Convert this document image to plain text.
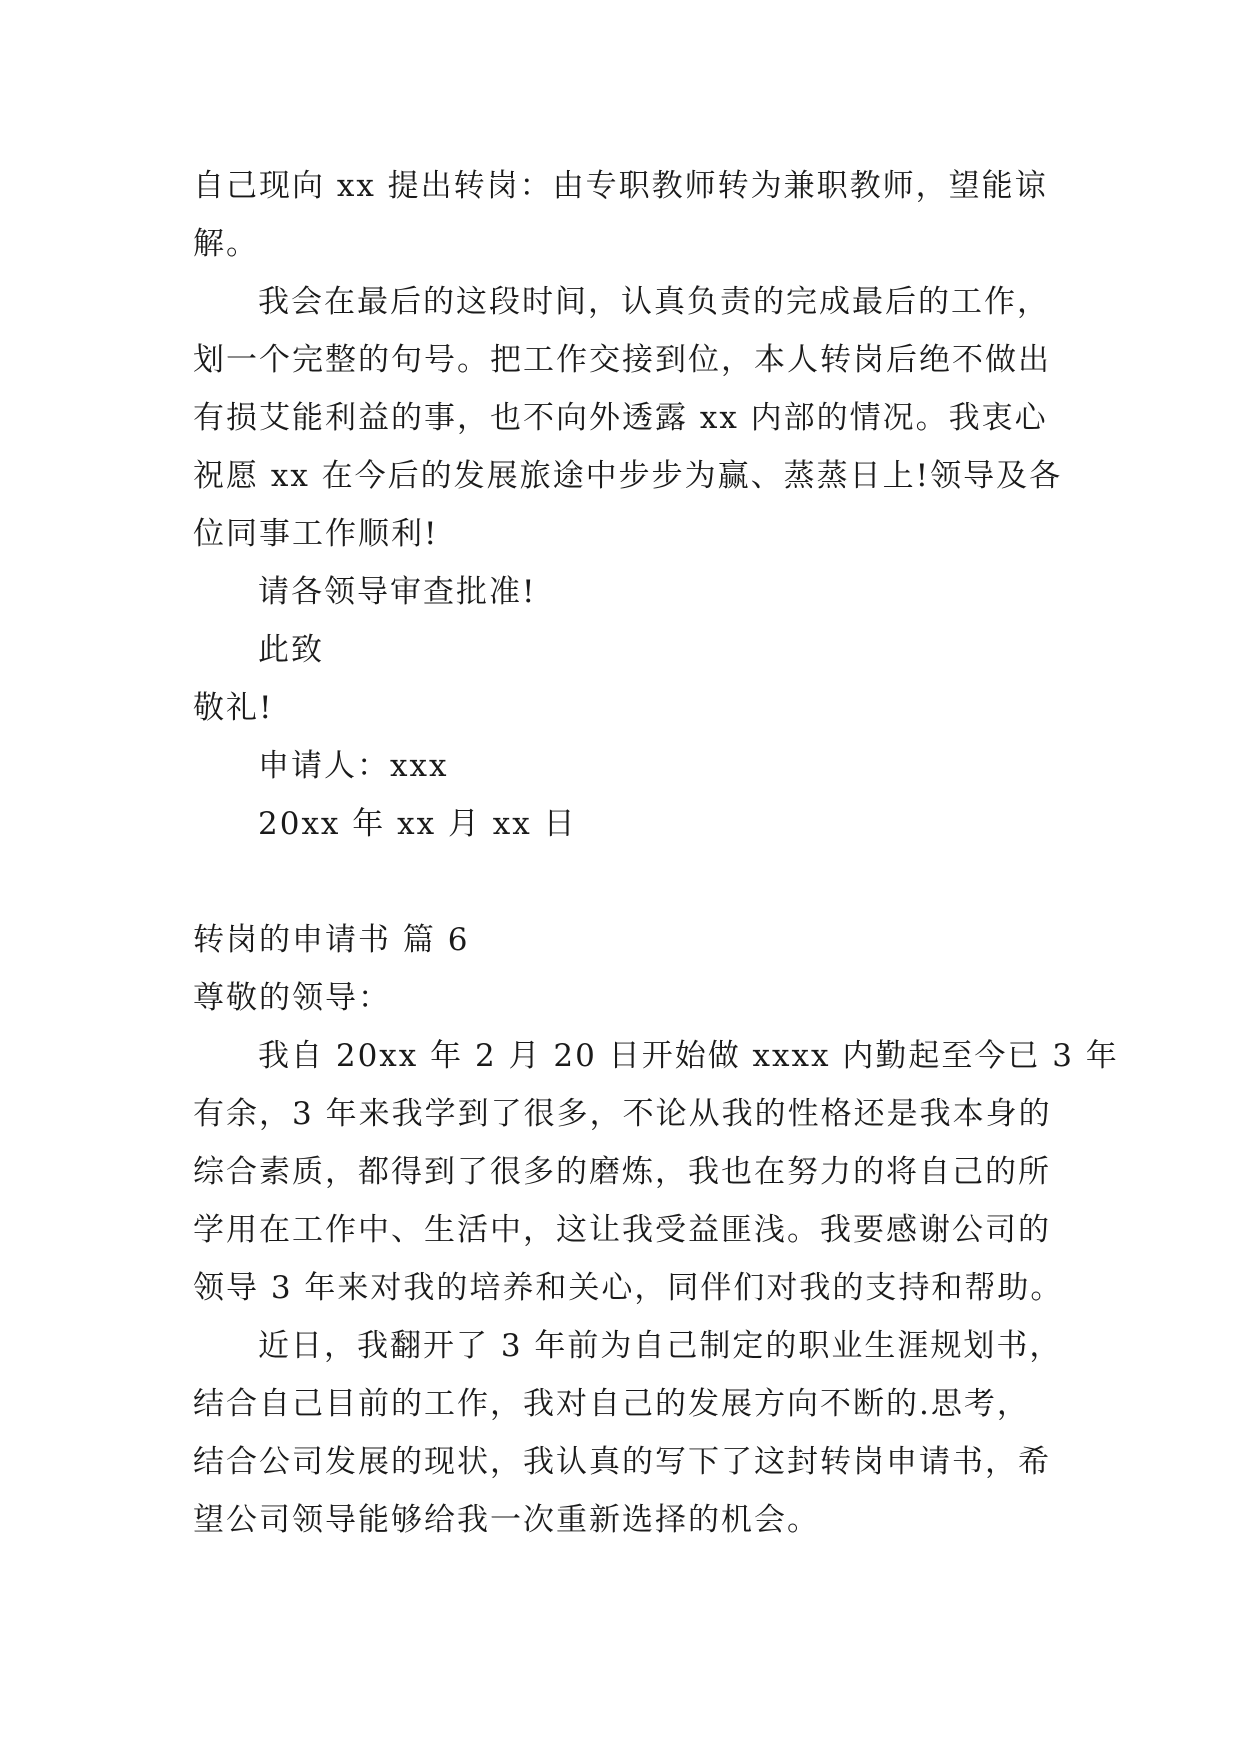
自己现向 xx 提出转岗：由专职教师转为兼职教师，望能谅
解。
我会在最后的这段时间，认真负责的完成最后的工作，
划一个完整的句号。把工作交接到位，本人转岗后绝不做出
有损艾能利益的事，也不向外透露 xx 内部的情况。我衷心
祝愿 xx 在今后的发展旅途中步步为赢、蒸蒸日上!领导及各
位同事工作顺利!
请各领导审查批准!
此致
敬礼!
申请人：xxx
20xx 年 xx 月 xx 日
转岗的申请书 篇 6
尊敬的领导：
我自 20xx 年 2 月 20 日开始做 xxxx 内勤起至今已 3 年
有余，3 年来我学到了很多，不论从我的性格还是我本身的
综合素质，都得到了很多的磨炼，我也在努力的将自己的所
学用在工作中、生活中，这让我受益匪浅。我要感谢公司的
领导 3 年来对我的培养和关心，同伴们对我的支持和帮助。
近日，我翻开了 3 年前为自己制定的职业生涯规划书，
结合自己目前的工作，我对自己的发展方向不断的.思考，
结合公司发展的现状，我认真的写下了这封转岗申请书，希
望公司领导能够给我一次重新选择的机会。
